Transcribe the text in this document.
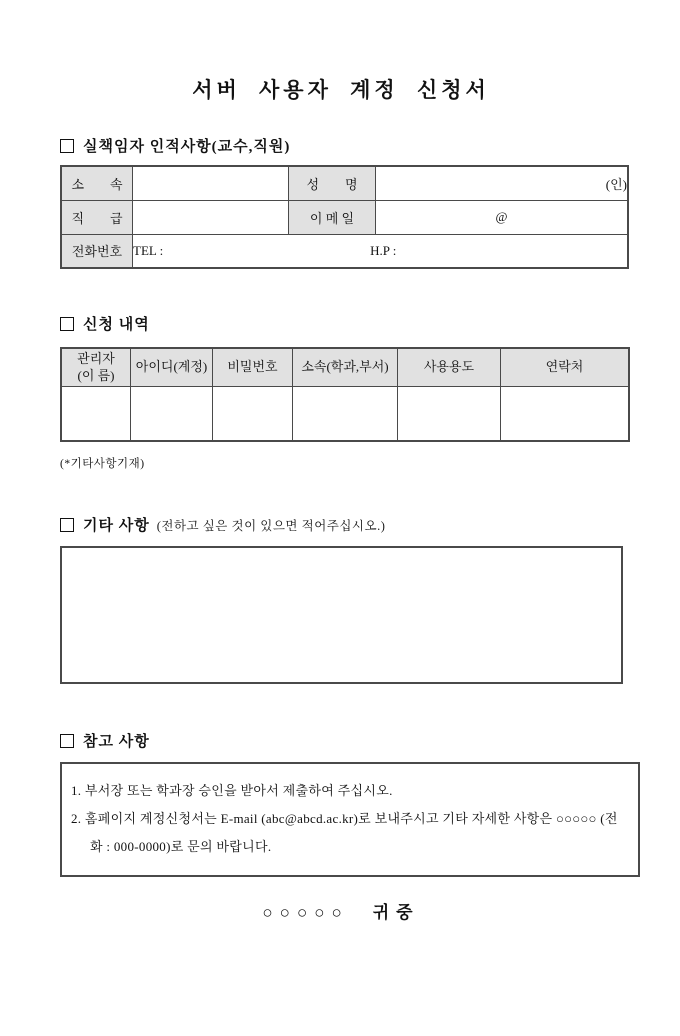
서버 사용자 계정 신청서
실책임자 인적사항(교수,직원)
소  속		성  명	(인)
직  급		이 메 일	@
전화번호	TEL : H.P :		
신청 내역
관리자
(이 름)	아이디(계정)	비밀번호	소속(학과,부서)	사용용도	연락처

(*기타사항기재)
기타 사항 (전하고 싶은 것이 있으면 적어주십시오.)
참고 사항
1. 부서장 또는 학과장 승인을 받아서 제출하여 주십시오.
2. 홈페이지 계정신청서는 E-mail (abc@abcd.ac.kr)로 보내주시고 기타 자세한 사항은 ○○○○○ (전화 : 000-0000)로 문의 바랍니다.
○○○○○ 귀중
